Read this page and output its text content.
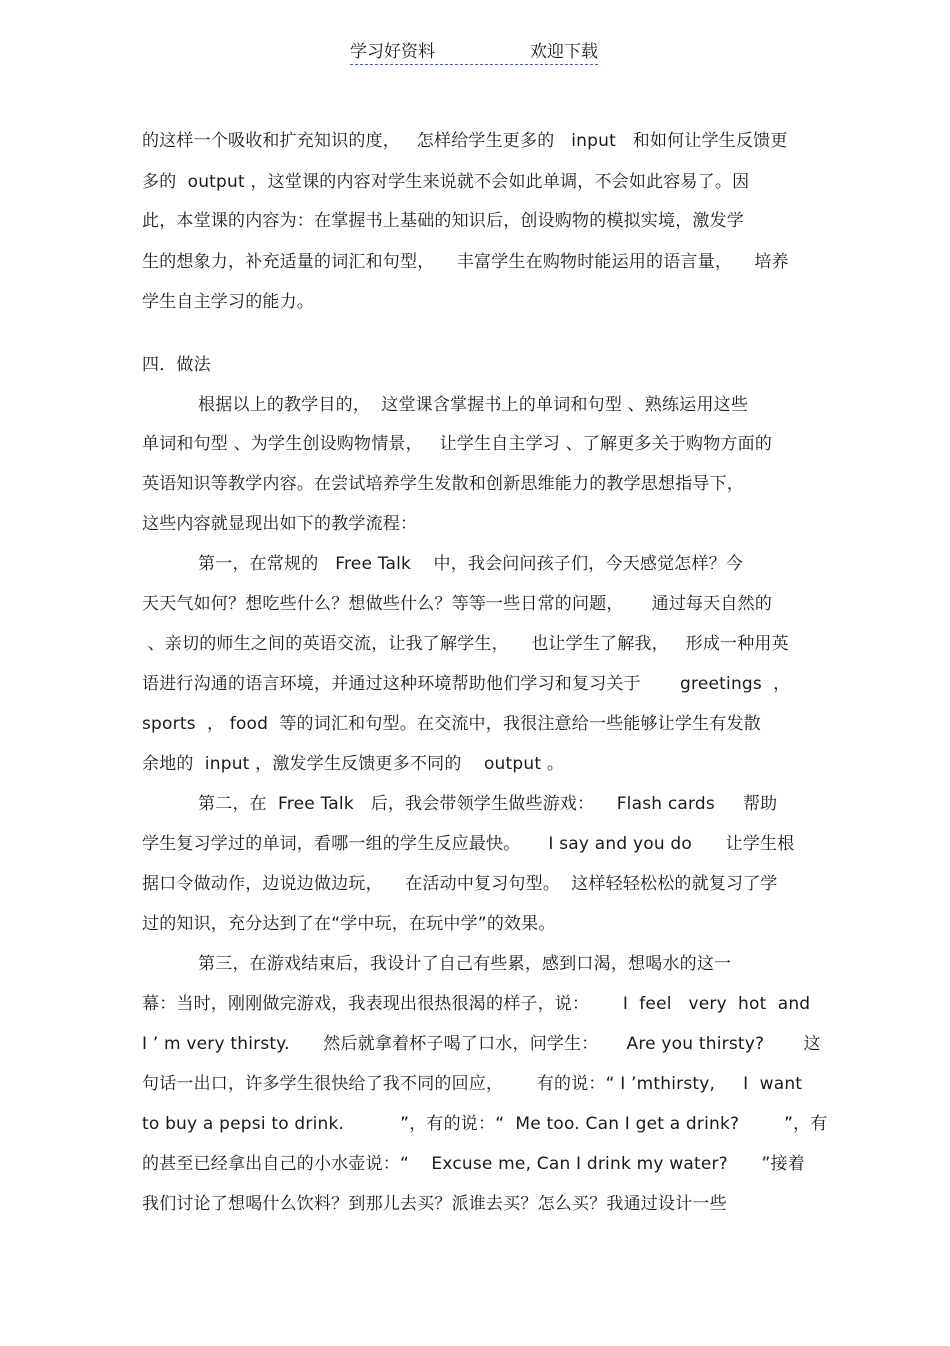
学习好资料	欢迎下载
的这样一个吸收和扩充知识的度，   怎样给学生更多的   input   和如何让学生反馈更
多的  output ，这堂课的内容对学生来说就不会如此单调，不会如此容易了。因
此，本堂课的内容为：在掌握书上基础的知识后，创设购物的模拟实境，激发学
生的想象力，补充适量的词汇和句型，    丰富学生在购物时能运用的语言量，    培养
学生自主学习的能力。
四．做法
根据以上的教学目的，  这堂课含掌握书上的单词和句型 、熟练运用这些
单词和句型 、为学生创设购物情景，   让学生自主学习 、了解更多关于购物方面的
英语知识等教学内容。在尝试培养学生发散和创新思维能力的教学思想指导下，
这些内容就显现出如下的教学流程：
第一，在常规的   Free Talk    中，我会问问孩子们，今天感觉怎样？今
天天气如何？想吃些什么？想做些什么？等等一些日常的问题，     通过每天自然的
、亲切的师生之间的英语交流，让我了解学生，    也让学生了解我，   形成一种用英
语进行沟通的语言环境，并通过这种环境帮助他们学习和复习关于       greetings  ，
sports  ， food  等的词汇和句型。在交流中，我很注意给一些能够让学生有发散
余地的  input ，激发学生反馈更多不同的    output 。
第二，在  Free Talk   后，我会带领学生做些游戏：    Flash cards     帮助
学生复习学过的单词，看哪一组的学生反应最快。     I say and you do      让学生根
据口令做动作，边说边做边玩，    在活动中复习句型。  这样轻轻松松的就复习了学
过的知识，充分达到了在“学中玩，在玩中学”的效果。
第三，在游戏结束后，我设计了自己有些累，感到口渴，想喝水的这一
幕：当时，刚刚做完游戏，我表现出很热很渴的样子，说：      I  feel   very  hot  and
I ’ m very thirsty.      然后就拿着杯子喝了口水，问学生：     Are you thirsty?       这
句话一出口，许多学生很快给了我不同的回应，      有的说：“ I ’mthirsty,     I  want
to buy a pepsi to drink.          ”，有的说：“  Me too. Can I get a drink?        ”，有
的甚至已经拿出自己的小水壶说：“    Excuse me, Can I drink my water?      ”接着
我们讨论了想喝什么饮料？到那儿去买？派谁去买？怎么买？我通过设计一些
